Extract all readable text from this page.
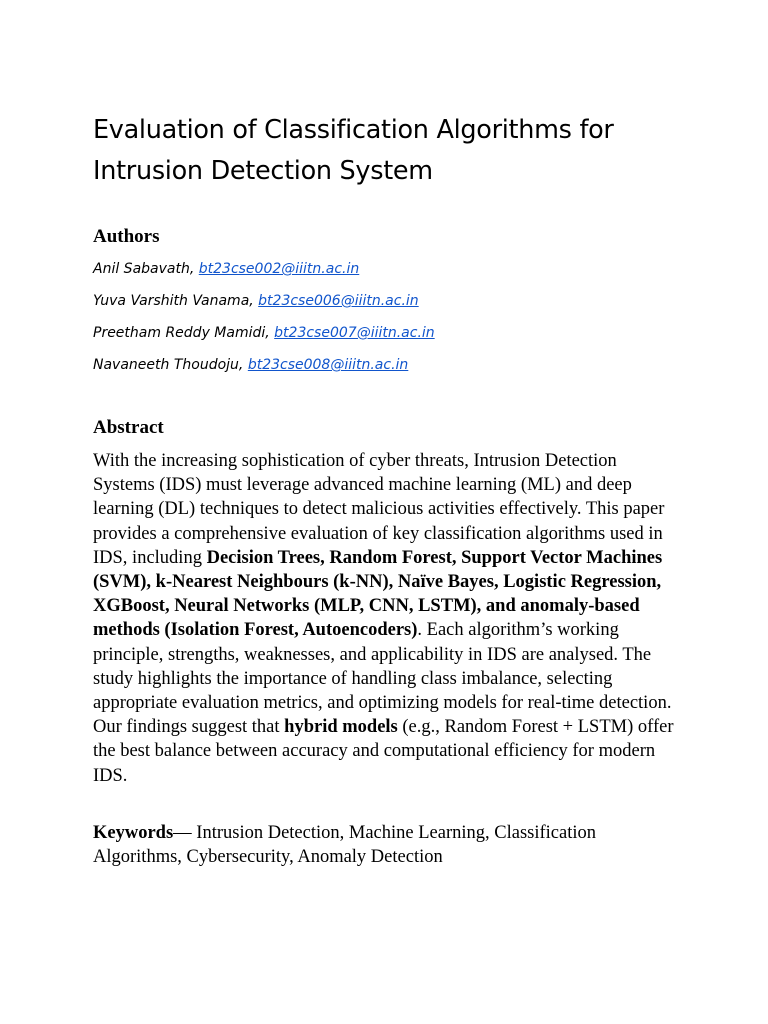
Evaluation of Classification Algorithms for Intrusion Detection System
Authors

Anil Sabavath, bt23cse002@iiitn.ac.in

Yuva Varshith Vanama, bt23cse006@iiitn.ac.in

Preetham Reddy Mamidi, bt23cse007@iiitn.ac.in

Navaneeth Thoudoju, bt23cse008@iiitn.ac.in

Abstract

With the increasing sophistication of cyber threats, Intrusion Detection Systems (IDS) must leverage advanced machine learning (ML) and deep learning (DL) techniques to detect malicious activities effectively. This paper provides a comprehensive evaluation of key classification algorithms used in IDS, including Decision Trees, Random Forest, Support Vector Machines (SVM), k-Nearest Neighbours (k-NN), Naïve Bayes, Logistic Regression, XGBoost, Neural Networks (MLP, CNN, LSTM), and anomaly-based methods (Isolation Forest, Autoencoders). Each algorithm’s working principle, strengths, weaknesses, and applicability in IDS are analysed. The study highlights the importance of handling class imbalance, selecting appropriate evaluation metrics, and optimizing models for real-time detection. Our findings suggest that hybrid models (e.g., Random Forest + LSTM) offer the best balance between accuracy and computational efficiency for modern IDS.

Keywords— Intrusion Detection, Machine Learning, Classification Algorithms, Cybersecurity, Anomaly Detection
